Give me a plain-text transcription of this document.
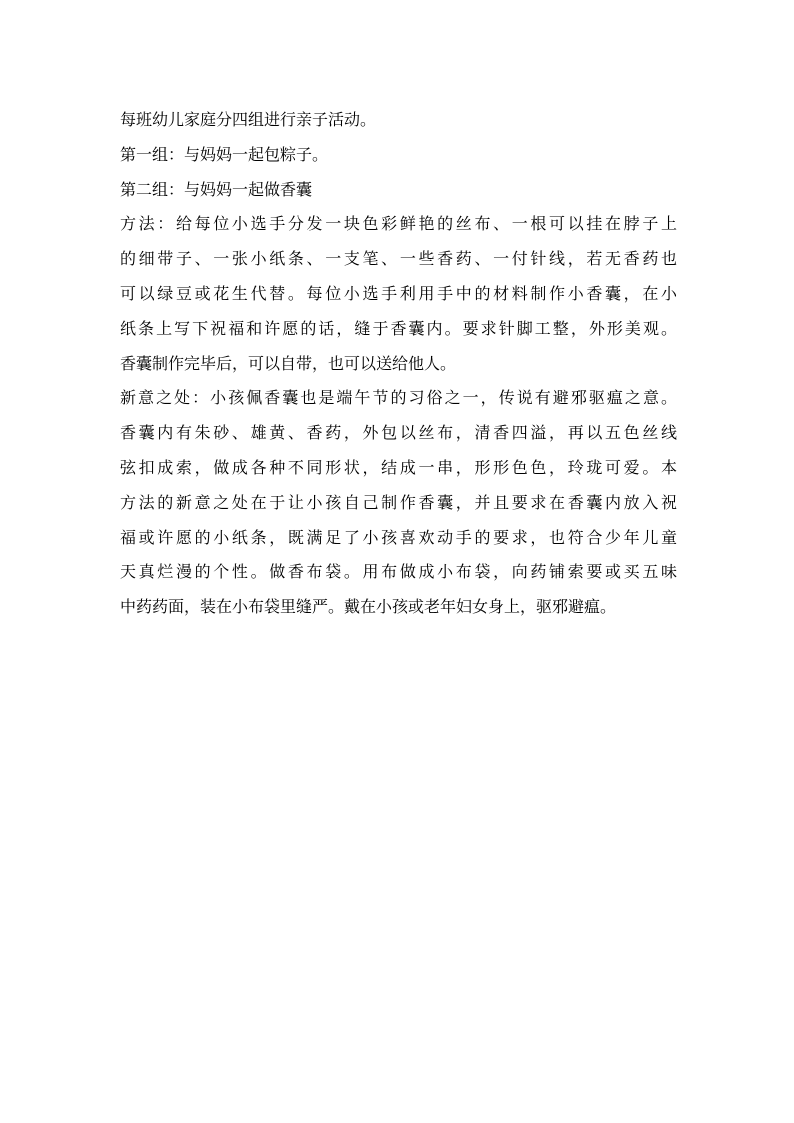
每班幼儿家庭分四组进行亲子活动。
第一组：与妈妈一起包粽子。
第二组：与妈妈一起做香囊
方法：给每位小选手分发一块色彩鲜艳的丝布、一根可以挂在脖子上
的细带子、一张小纸条、一支笔、一些香药、一付针线，若无香药也
可以绿豆或花生代替。每位小选手利用手中的材料制作小香囊，在小
纸条上写下祝福和许愿的话，缝于香囊内。要求针脚工整，外形美观。
香囊制作完毕后，可以自带，也可以送给他人。
新意之处：小孩佩香囊也是端午节的习俗之一，传说有避邪驱瘟之意。
香囊内有朱砂、雄黄、香药，外包以丝布，清香四溢，再以五色丝线
弦扣成索，做成各种不同形状，结成一串，形形色色，玲珑可爱。本
方法的新意之处在于让小孩自己制作香囊，并且要求在香囊内放入祝
福或许愿的小纸条，既满足了小孩喜欢动手的要求，也符合少年儿童
天真烂漫的个性。做香布袋。用布做成小布袋，向药铺索要或买五味
中药药面，装在小布袋里缝严。戴在小孩或老年妇女身上，驱邪避瘟。
